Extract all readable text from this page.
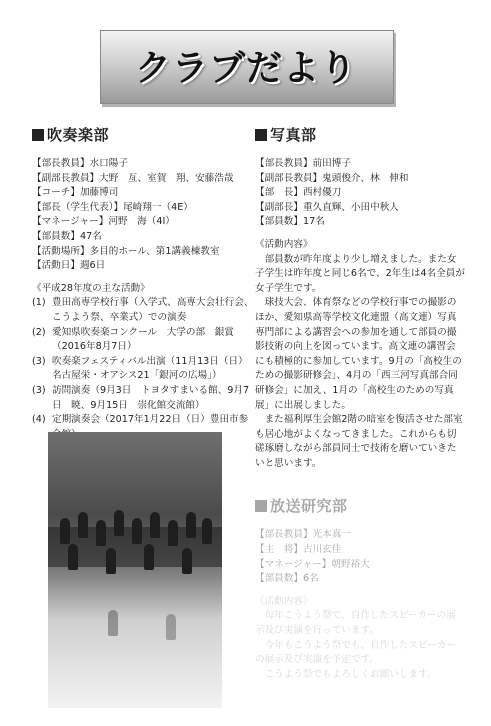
クラブだより
吹奏楽部
【部長教員】水口陽子
【副部長教員】大野　亙、室賀　翔、安藤浩哉
【コーチ】加藤博司
【部長（学生代表）】尾崎翔一（4E）
【マネージャー】河野　海（4I）
【部員数】47名
【活動場所】多目的ホール、第1講義棟教室
【活動日】週6日
《平成28年度の主な活動》
(1) 豊田高専学校行事（入学式、高専大会壮行会、こうよう祭、卒業式）での演奏
(2) 愛知県吹奏楽コンクール　大学の部　銀賞（2016年8月7日）
(3) 吹奏楽フェスティバル出演（11月13日（日）名古屋栄・オアシス21「銀河の広場」）
(3) 訪問演奏（9月3日　トヨタすまいる館、9月7日　暁、9月15日　崇化館交流館）
(4) 定期演奏会（2017年1月22日（日）豊田市参
写真部
【部長教員】前田博子
【副部長教員】鬼頭俊介、林　伸和
【部　長】西村優刀
【副部長】重久直輝、小田中秋人
【部員数】17名
《活動内容》

部員数が昨年度より少し増えました。また女子学生は昨年度と同じ6名で、2年生は4名全員が女子学生です。

球技大会、体育祭などの学校行事での撮影のほか、愛知県高等学校文化連盟（高文連）写真専門部による講習会への参加を通して部員の撮影技術の向上を図っています。高文連の講習会にも積極的に参加しています。9月の「高校生のための撮影研修会」、4月の「西三河写真部合同研修会」に加え、1月の「高校生のための写真展」に出展しました。

また福利厚生会館2階の暗室を復活させた部室も居心地がよくなってきました。これからも切磋琢磨しながら部員同士で技術を磨いていきたいと思います。

放送研究部
【部長教員】光本真一
【主　将】古川玄佳
【マネージャー】朝野裕大
【部員数】6名
《活動内容》

毎年こうよう祭で、自作したスピーカーの展示及び実演を行っています。

今年もこうよう祭でも、自作したスピーカーの展示及び実演を予定です。

こうよう祭でもよろしくお願いします。
